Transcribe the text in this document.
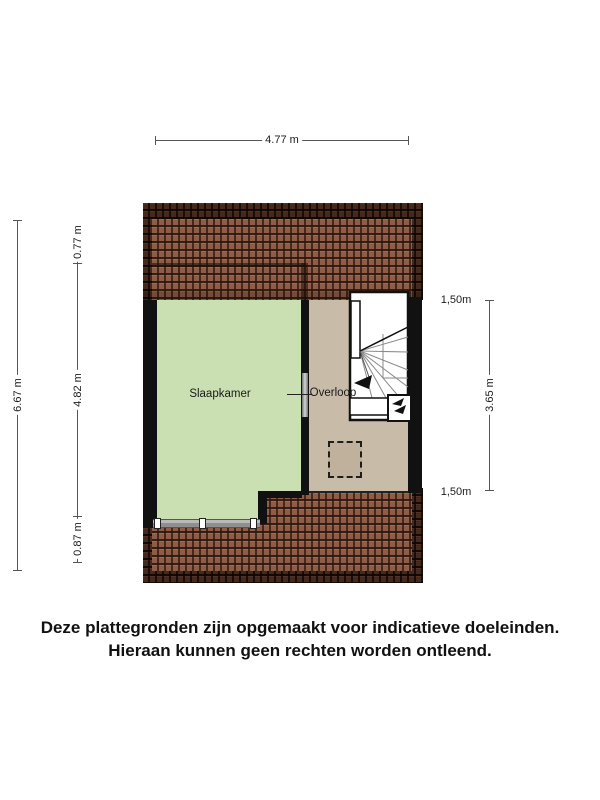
Slaapkamer	Overloop
4.77 m
6.67 m
0.77 m
4.82 m
0.87 m
1,50m
3.65 m
1,50m
Deze plattegronden zijn opgemaakt voor indicatieve doeleinden.
Hieraan kunnen geen rechten worden ontleend.
